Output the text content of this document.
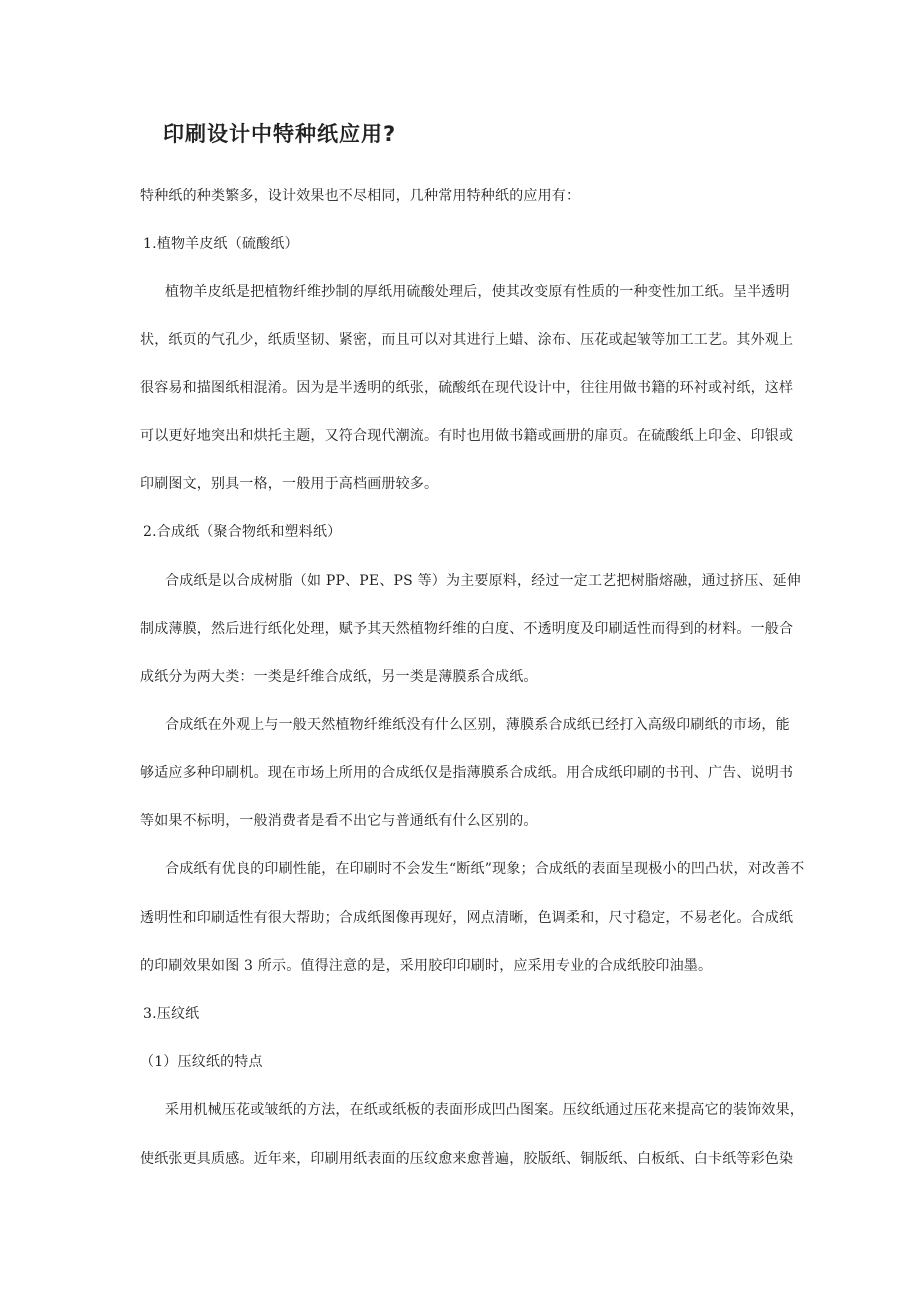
印刷设计中特种纸应用?
特种纸的种类繁多，设计效果也不尽相同，几种常用特种纸的应用有：
1.植物羊皮纸（硫酸纸）
植物羊皮纸是把植物纤维抄制的厚纸用硫酸处理后，使其改变原有性质的一种变性加工纸。呈半透明
状，纸页的气孔少，纸质坚韧、紧密，而且可以对其进行上蜡、涂布、压花或起皱等加工工艺。其外观上
很容易和描图纸相混淆。因为是半透明的纸张，硫酸纸在现代设计中，往往用做书籍的环衬或衬纸，这样
可以更好地突出和烘托主题，又符合现代潮流。有时也用做书籍或画册的扉页。在硫酸纸上印金、印银或
印刷图文，别具一格，一般用于高档画册较多。
2.合成纸（聚合物纸和塑料纸）
合成纸是以合成树脂（如 PP、PE、PS 等）为主要原料，经过一定工艺把树脂熔融，通过挤压、延伸
制成薄膜，然后进行纸化处理，赋予其天然植物纤维的白度、不透明度及印刷适性而得到的材料。一般合
成纸分为两大类：一类是纤维合成纸，另一类是薄膜系合成纸。
合成纸在外观上与一般天然植物纤维纸没有什么区别，薄膜系合成纸已经打入高级印刷纸的市场，能
够适应多种印刷机。现在市场上所用的合成纸仅是指薄膜系合成纸。用合成纸印刷的书刊、广告、说明书
等如果不标明，一般消费者是看不出它与普通纸有什么区别的。
合成纸有优良的印刷性能，在印刷时不会发生“断纸”现象；合成纸的表面呈现极小的凹凸状，对改善不
透明性和印刷适性有很大帮助；合成纸图像再现好，网点清晰，色调柔和，尺寸稳定，不易老化。合成纸
的印刷效果如图 3 所示。值得注意的是，采用胶印印刷时，应采用专业的合成纸胶印油墨。
3.压纹纸
（1）压纹纸的特点
采用机械压花或皱纸的方法，在纸或纸板的表面形成凹凸图案。压纹纸通过压花来提高它的装饰效果，
使纸张更具质感。近年来，印刷用纸表面的压纹愈来愈普遍，胶版纸、铜版纸、白板纸、白卡纸等彩色染
